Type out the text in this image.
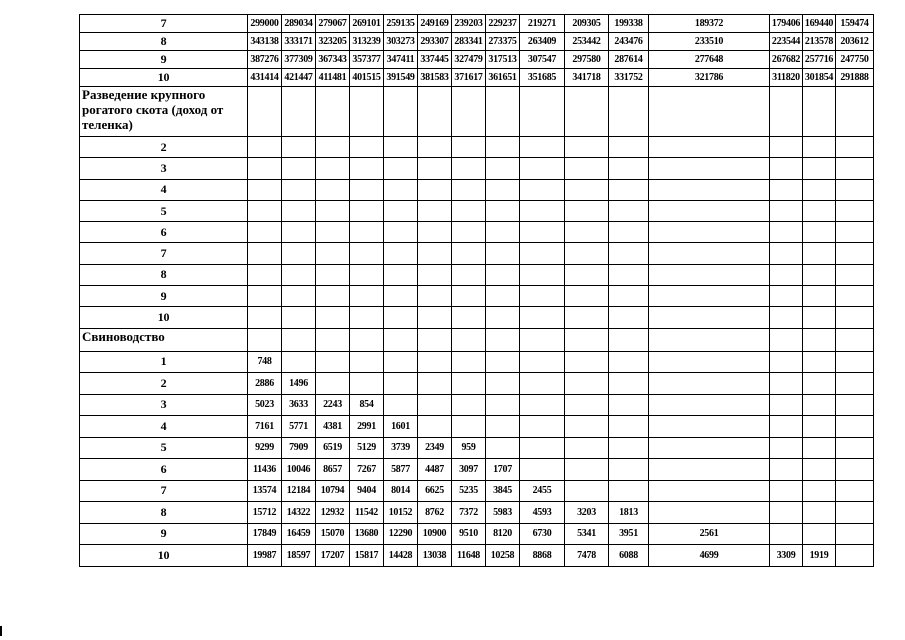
7	299000	289034	279067	269101	259135	249169	239203	229237	219271	209305	199338	189372	179406	169440	159474
8	343138	333171	323205	313239	303273	293307	283341	273375	263409	253442	243476	233510	223544	213578	203612
9	387276	377309	367343	357377	347411	337445	327479	317513	307547	297580	287614	277648	267682	257716	247750
10	431414	421447	411481	401515	391549	381583	371617	361651	351685	341718	331752	321786	311820	301854	291888
Разведение крупного рогатого скота (доход от теленка)															
2															
3															
4															
5															
6															
7															
8															
9															
10															
Свиноводство															
1	748														
2	2886	1496													
3	5023	3633	2243	854											
4	7161	5771	4381	2991	1601										
5	9299	7909	6519	5129	3739	2349	959								
6	11436	10046	8657	7267	5877	4487	3097	1707							
7	13574	12184	10794	9404	8014	6625	5235	3845	2455						
8	15712	14322	12932	11542	10152	8762	7372	5983	4593	3203	1813				
9	17849	16459	15070	13680	12290	10900	9510	8120	6730	5341	3951	2561			
10	19987	18597	17207	15817	14428	13038	11648	10258	8868	7478	6088	4699	3309	1919	
